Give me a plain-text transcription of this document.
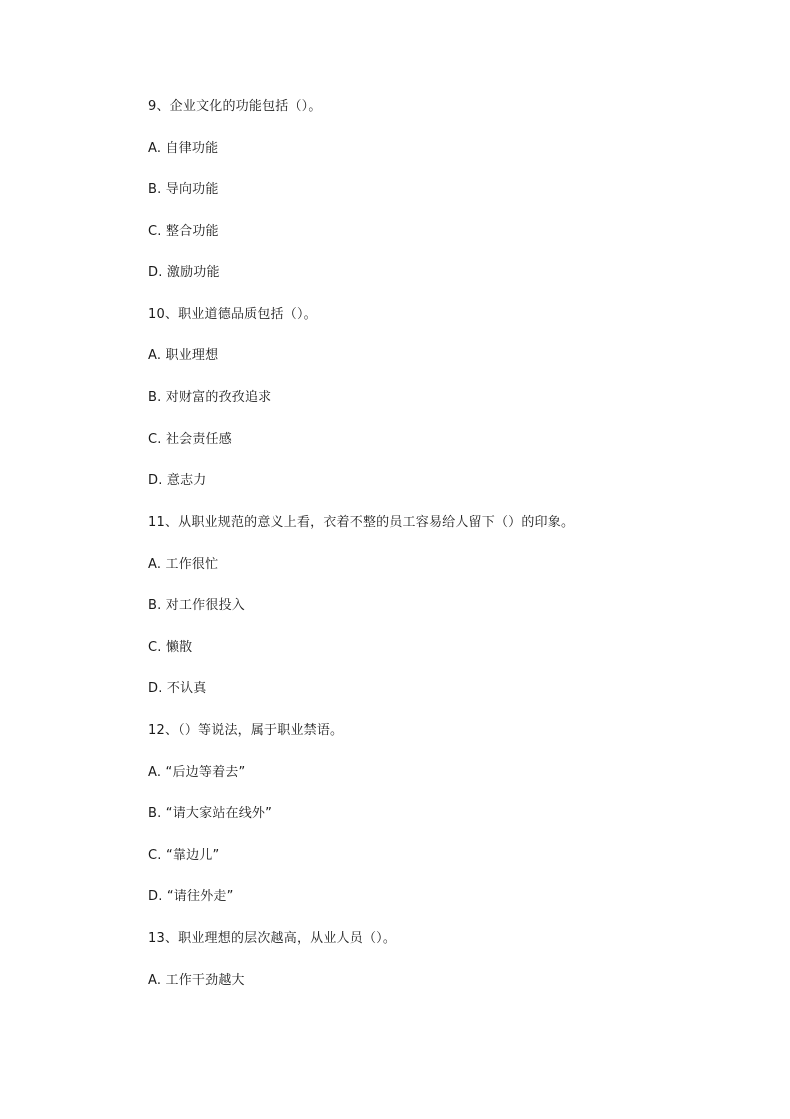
9、企业文化的功能包括（）。
A. 自律功能
B. 导向功能
C. 整合功能
D. 激励功能
10、职业道德品质包括（）。
A. 职业理想
B. 对财富的孜孜追求
C. 社会责任感
D. 意志力
11、从职业规范的意义上看，衣着不整的员工容易给人留下（）的印象。
A. 工作很忙
B. 对工作很投入
C. 懒散
D. 不认真
12、（）等说法，属于职业禁语。
A. “后边等着去”
B. “请大家站在线外”
C. “靠边儿”
D. “请往外走”
13、职业理想的层次越高，从业人员（）。
A. 工作干劲越大
